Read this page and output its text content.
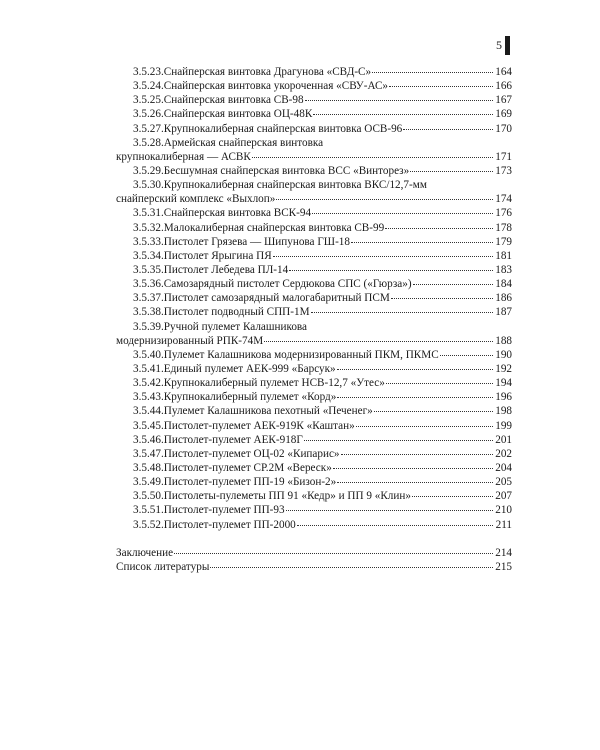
5
3.5.23. Снайперская винтовка Драгунова «СВД-С»	164
3.5.24. Снайперская винтовка укороченная «СВУ-АС»	166
3.5.25. Снайперская винтовка СВ-98	167
3.5.26. Снайперская винтовка ОЦ-48К	169
3.5.27. Крупнокалиберная снайперская винтовка ОСВ-96	170
3.5.28. Армейская снайперская винтовка
крупнокалиберная — АСВК	171
3.5.29. Бесшумная снайперская винтовка ВСС «Винторез»	173
3.5.30. Крупнокалиберная снайперская винтовка ВКС/12,7-мм
снайперский комплекс «Выхлоп»	174
3.5.31. Снайперская винтовка ВСК-94	176
3.5.32. Малокалиберная снайперская винтовка СВ-99	178
3.5.33. Пистолет Грязева — Шипунова ГШ-18	179
3.5.34. Пистолет Ярыгина ПЯ	181
3.5.35. Пистолет Лебедева ПЛ-14	183
3.5.36. Самозарядный пистолет Сердюкова СПС («Гюрза»)	184
3.5.37. Пистолет самозарядный малогабаритный ПСМ	186
3.5.38. Пистолет подводный СПП-1М	187
3.5.39. Ручной пулемет Калашникова
модернизированный РПК-74М	188
3.5.40. Пулемет Калашникова модернизированный ПКМ, ПКМС	190
3.5.41. Единый пулемет АЕК-999 «Барсук»	192
3.5.42. Крупнокалиберный пулемет НСВ-12,7 «Утес»	194
3.5.43. Крупнокалиберный пулемет «Корд»	196
3.5.44. Пулемет Калашникова пехотный «Печенег»	198
3.5.45. Пистолет-пулемет АЕК-919К «Каштан»	199
3.5.46. Пистолет-пулемет АЕК-918Г	201
3.5.47. Пистолет-пулемет ОЦ-02 «Кипарис»	202
3.5.48. Пистолет-пулемет СР.2М «Вереск»	204
3.5.49. Пистолет-пулемет ПП-19 «Бизон-2»	205
3.5.50. Пистолеты-пулеметы ПП 91 «Кедр» и ПП 9 «Клин»	207
3.5.51. Пистолет-пулемет ПП-93	210
3.5.52. Пистолет-пулемет ПП-2000	211
Заключение	214
Список литературы	215
